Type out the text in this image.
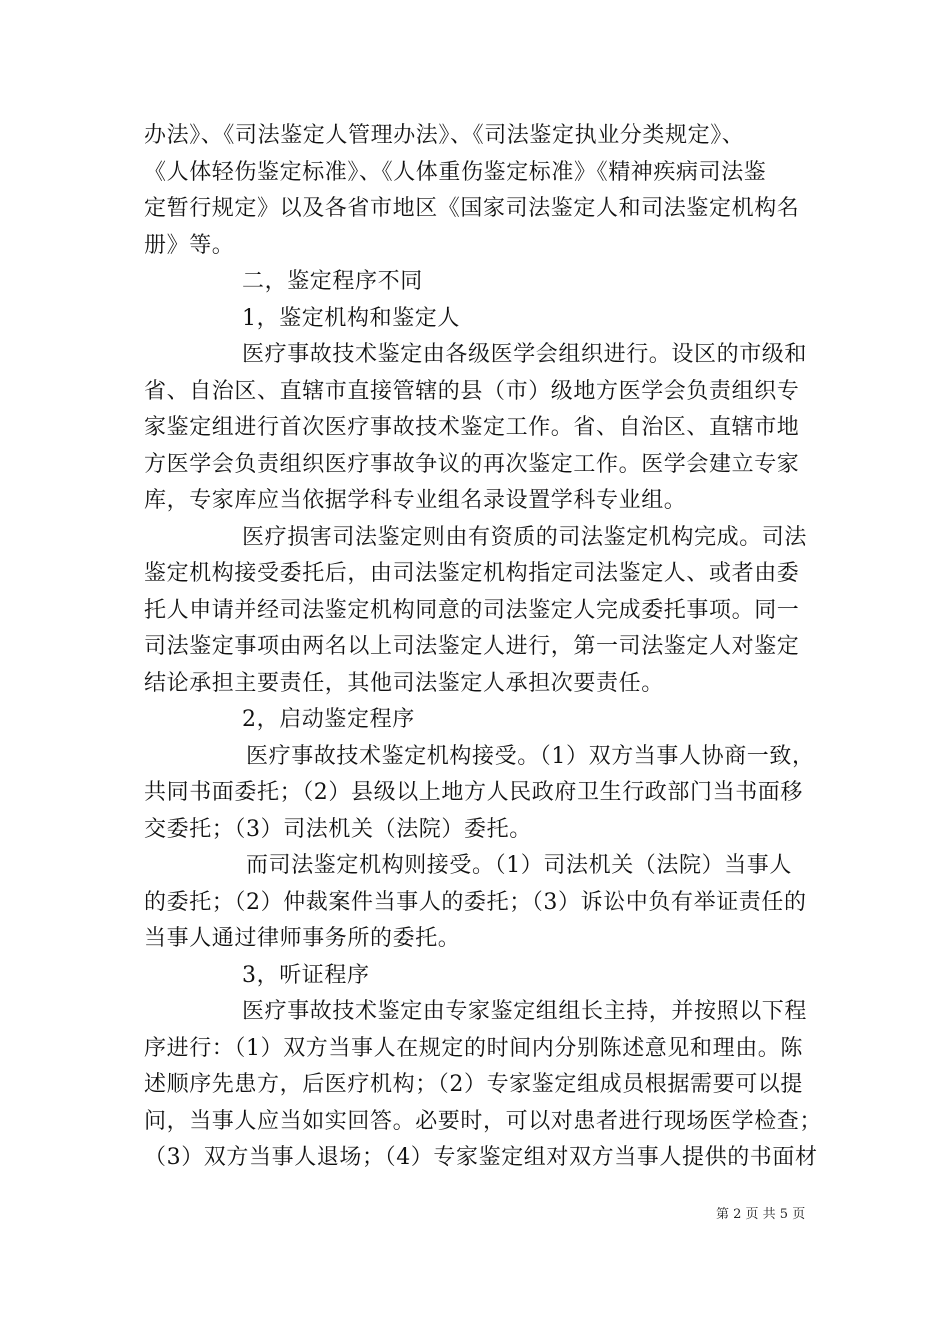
办法》、《司法鉴定人管理办法》、《司法鉴定执业分类规定》、
《人体轻伤鉴定标准》、《人体重伤鉴定标准》《精神疾病司法鉴
定暂行规定》以及各省市地区《国家司法鉴定人和司法鉴定机构名
册》等。
二，鉴定程序不同
1，鉴定机构和鉴定人
医疗事故技术鉴定由各级医学会组织进行。设区的市级和
省、自治区、直辖市直接管辖的县（市）级地方医学会负责组织专
家鉴定组进行首次医疗事故技术鉴定工作。省、自治区、直辖市地
方医学会负责组织医疗事故争议的再次鉴定工作。医学会建立专家
库，专家库应当依据学科专业组名录设置学科专业组。
医疗损害司法鉴定则由有资质的司法鉴定机构完成。司法
鉴定机构接受委托后，由司法鉴定机构指定司法鉴定人、或者由委
托人申请并经司法鉴定机构同意的司法鉴定人完成委托事项。同一
司法鉴定事项由两名以上司法鉴定人进行，第一司法鉴定人对鉴定
结论承担主要责任，其他司法鉴定人承担次要责任。
2，启动鉴定程序
医疗事故技术鉴定机构接受。（1）双方当事人协商一致，
共同书面委托；（2）县级以上地方人民政府卫生行政部门当书面移
交委托；（3）司法机关（法院）委托。
而司法鉴定机构则接受。（1）司法机关（法院）当事人
的委托；（2）仲裁案件当事人的委托；（3）诉讼中负有举证责任的
当事人通过律师事务所的委托。
3，听证程序
医疗事故技术鉴定由专家鉴定组组长主持，并按照以下程
序进行：（1）双方当事人在规定的时间内分别陈述意见和理由。陈
述顺序先患方，后医疗机构；（2）专家鉴定组成员根据需要可以提
问，当事人应当如实回答。必要时，可以对患者进行现场医学检查；
（3）双方当事人退场；（4）专家鉴定组对双方当事人提供的书面材
第 2 页 共 5 页
